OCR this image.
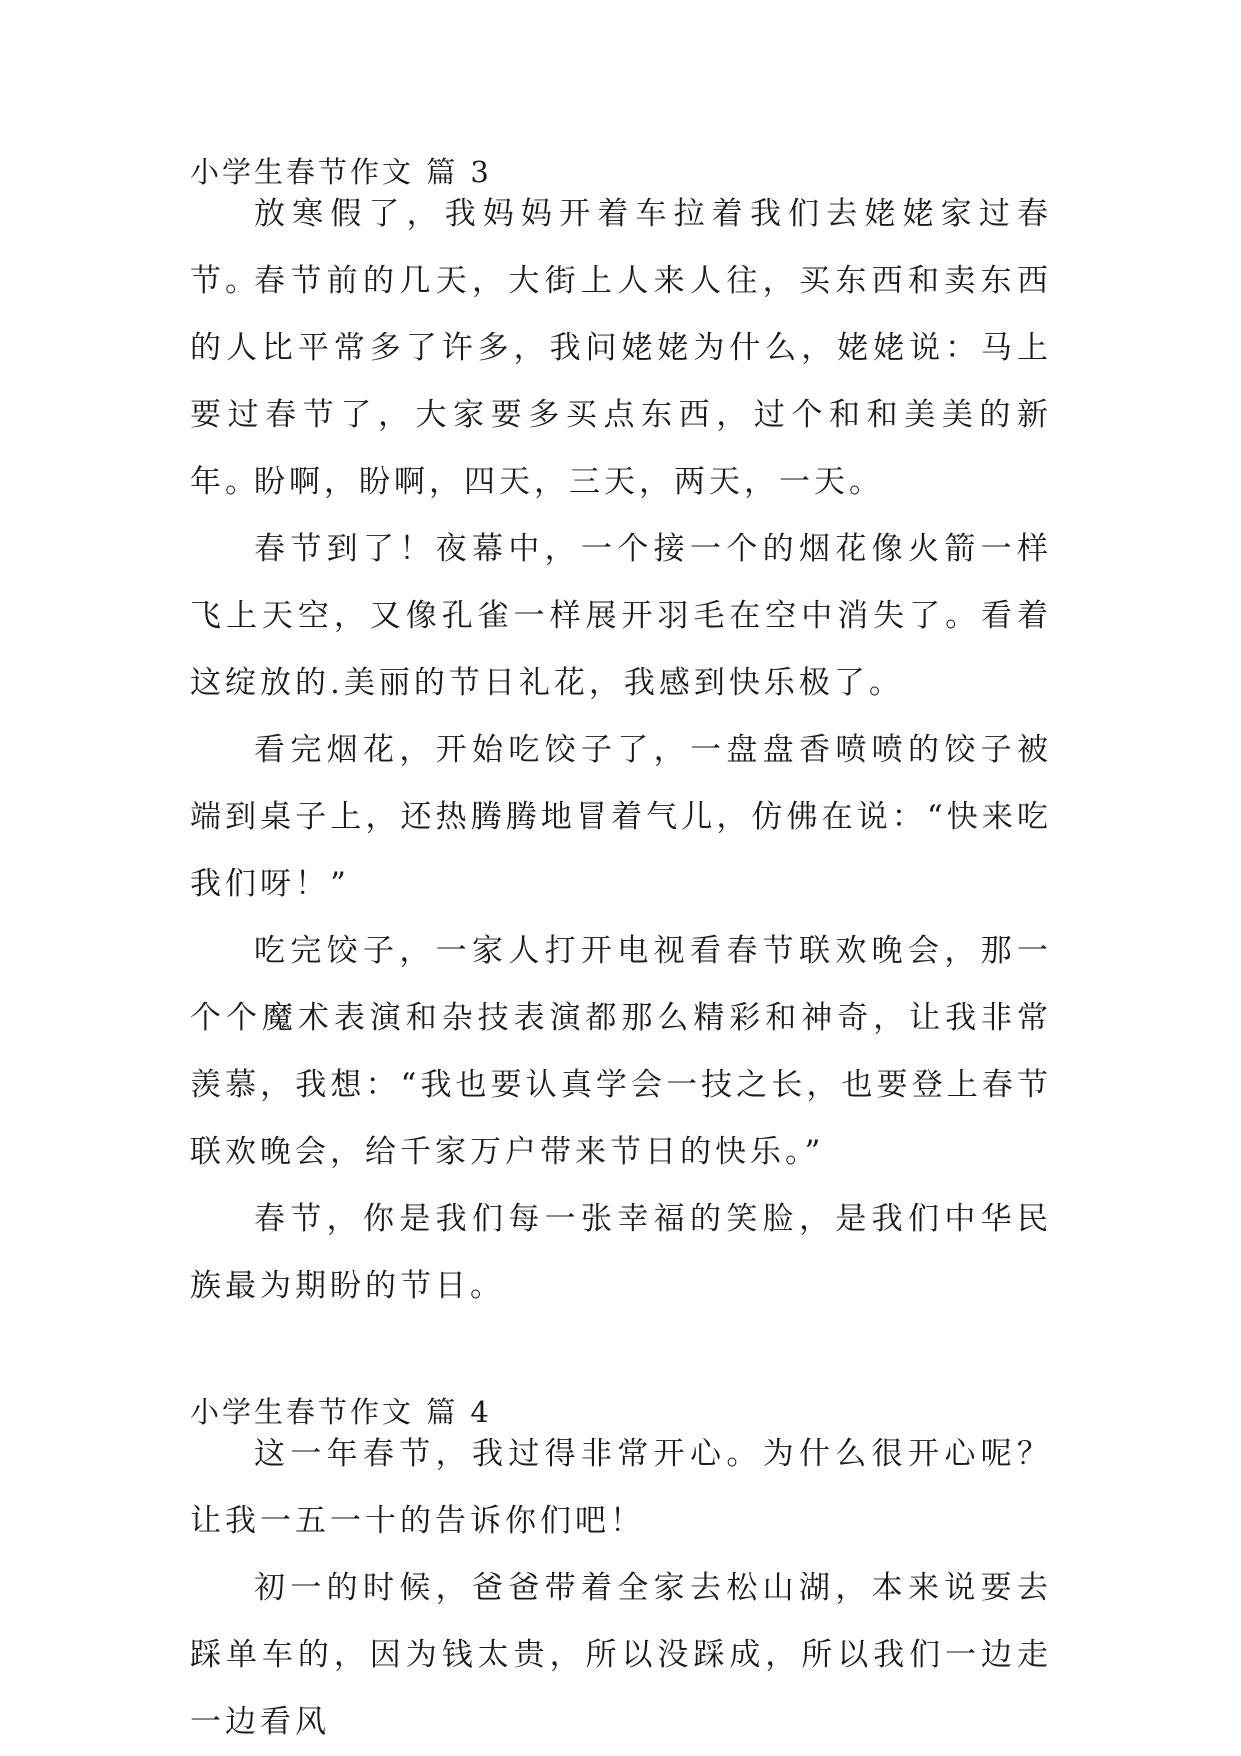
小学生春节作文 篇 3

放寒假了，我妈妈开着车拉着我们去姥姥家过春节。

春节前的几天，大街上人来人往，买东西和卖东西的人比平常多了许多，我问姥姥为什么，姥姥说：马上要过春节了，大家要多买点东西，过个和和美美的新年。

盼啊，盼啊，四天，三天，两天，一天。

春节到了！夜幕中，一个接一个的烟花像火箭一样飞上天空，又像孔雀一样展开羽毛在空中消失了。看着这绽放的.美丽的节日礼花，我感到快乐极了。

看完烟花，开始吃饺子了，一盘盘香喷喷的饺子被端到桌子上，还热腾腾地冒着气儿，仿佛在说：“快来吃我们呀！”

吃完饺子，一家人打开电视看春节联欢晚会，那一个个魔术表演和杂技表演都那么精彩和神奇，让我非常羡慕，我想：“我也要认真学会一技之长，也要登上春节联欢晚会，给千家万户带来节日的快乐。”

春节，你是我们每一张幸福的笑脸，是我们中华民族最为期盼的节日。

小学生春节作文 篇 4

这一年春节，我过得非常开心。为什么很开心呢？让我一五一十的告诉你们吧！

初一的时候，爸爸带着全家去松山湖，本来说要去踩单车的，因为钱太贵，所以没踩成，所以我们一边走一边看风
